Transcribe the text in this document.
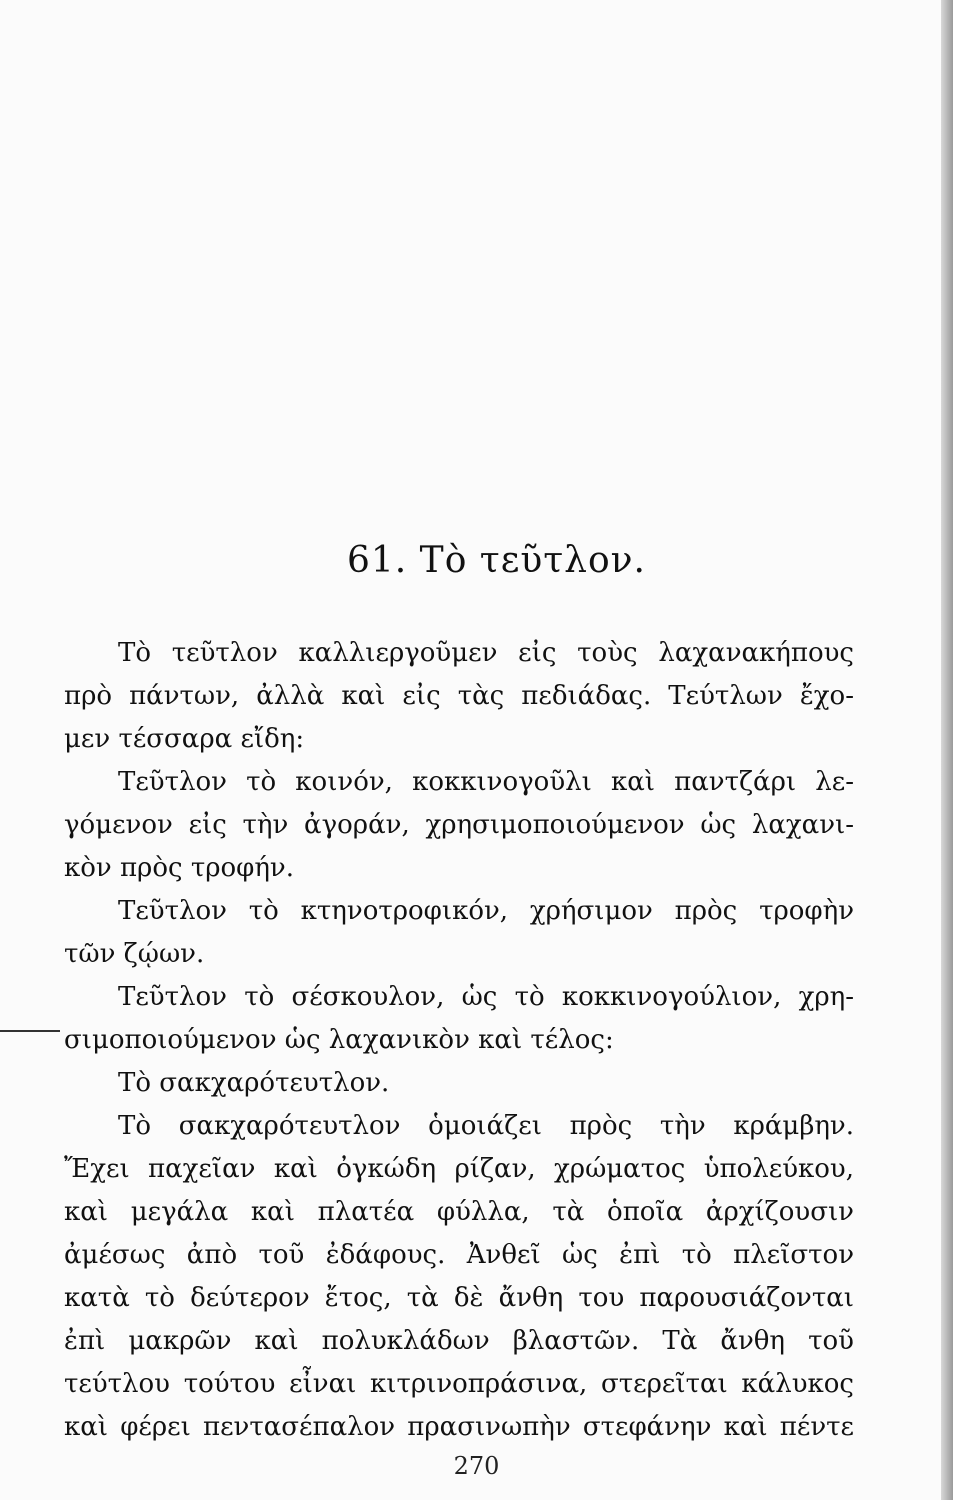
61. Τὸ τεῦτλον.
Τὸ τεῦτλον καλλιεργοῦμεν εἰς τοὺς λαχανακήπους
πρὸ πάντων, ἀλλὰ καὶ εἰς τὰς πεδιάδας. Τεύτλων ἔχο-
μεν τέσσαρα εἴδη:
Τεῦτλον τὸ κοινόν, κοκκινογοῦλι καὶ παντζάρι λε-
γόμενον εἰς τὴν ἀγοράν, χρησιμοποιούμενον ὡς λαχανι-
κὸν πρὸς τροφήν.
Τεῦτλον τὸ κτηνοτροφικόν, χρήσιμον πρὸς τροφὴν
τῶν ζῴων.
Τεῦτλον τὸ σέσκουλον, ὡς τὸ κοκκινογούλιον, χρη-
σιμοποιούμενον ὡς λαχανικὸν καὶ τέλος:
Τὸ σακχαρότευτλον.
Τὸ σακχαρότευτλον ὁμοιάζει πρὸς τὴν κράμβην.
Ἔχει παχεῖαν καὶ ὀγκώδη ρίζαν, χρώματος ὑπολεύκου,
καὶ μεγάλα καὶ πλατέα φύλλα, τὰ ὁποῖα ἀρχίζουσιν
ἀμέσως ἀπὸ τοῦ ἐδάφους. Ἀνθεῖ ὡς ἐπὶ τὸ πλεῖστον
κατὰ τὸ δεύτερον ἔτος, τὰ δὲ ἄνθη του παρουσιάζονται
ἐπὶ μακρῶν καὶ πολυκλάδων βλαστῶν. Τὰ ἄνθη τοῦ
τεύτλου τούτου εἶναι κιτρινοπράσινα, στερεῖται κάλυκος
καὶ φέρει πεντασέπαλον πρασινωπὴν στεφάνην καὶ πέντε
270
